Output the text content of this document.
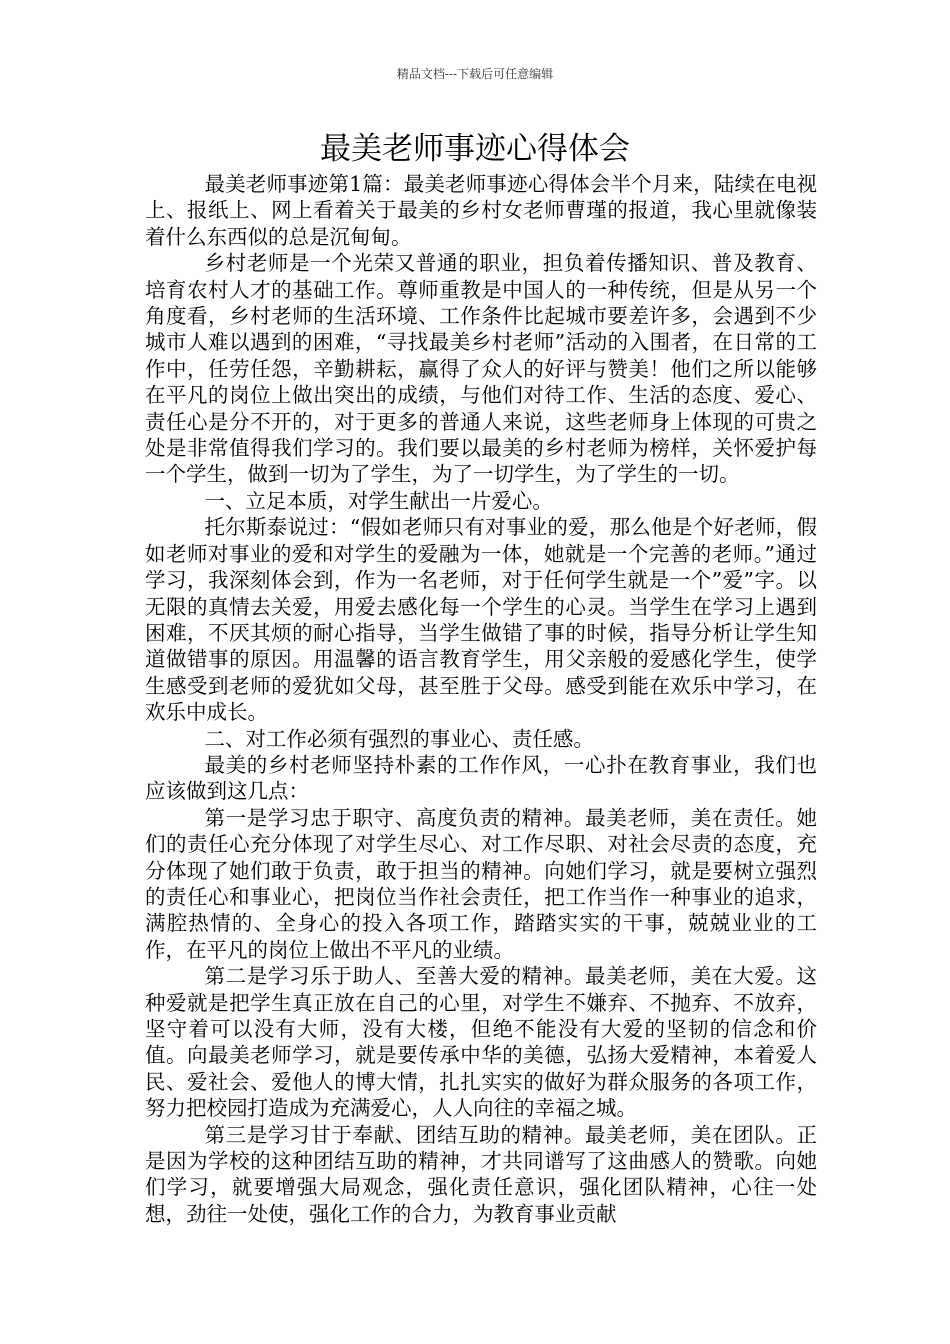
精品文档---下载后可任意编辑
最美老师事迹心得体会

最美老师事迹第1篇：最美老师事迹心得体会半个月来，陆续在电视上、报纸上、网上看着关于最美的乡村女老师曹瑾的报道，我心里就像装着什么东西似的总是沉甸甸。

乡村老师是一个光荣又普通的职业，担负着传播知识、普及教育、培育农村人才的基础工作。尊师重教是中国人的一种传统，但是从另一个角度看，乡村老师的生活环境、工作条件比起城市要差许多，会遇到不少城市人难以遇到的困难，“寻找最美乡村老师”活动的入围者，在日常的工作中，任劳任怨，辛勤耕耘，赢得了众人的好评与赞美！他们之所以能够在平凡的岗位上做出突出的成绩，与他们对待工作、生活的态度、爱心、责任心是分不开的，对于更多的普通人来说，这些老师身上体现的可贵之处是非常值得我们学习的。我们要以最美的乡村老师为榜样，关怀爱护每一个学生，做到一切为了学生，为了一切学生，为了学生的一切。

一、立足本质，对学生献出一片爱心。

托尔斯泰说过：“假如老师只有对事业的爱，那么他是个好老师，假如老师对事业的爱和对学生的爱融为一体，她就是一个完善的老师。”通过学习，我深刻体会到，作为一名老师，对于任何学生就是一个”爱”字。以无限的真情去关爱，用爱去感化每一个学生的心灵。当学生在学习上遇到困难，不厌其烦的耐心指导，当学生做错了事的时候，指导分析让学生知道做错事的原因。用温馨的语言教育学生，用父亲般的爱感化学生，使学生感受到老师的爱犹如父母，甚至胜于父母。感受到能在欢乐中学习，在欢乐中成长。

二、对工作必须有强烈的事业心、责任感。

最美的乡村老师坚持朴素的工作作风，一心扑在教育事业，我们也应该做到这几点：

第一是学习忠于职守、高度负责的精神。最美老师，美在责任。她们的责任心充分体现了对学生尽心、对工作尽职、对社会尽责的态度，充分体现了她们敢于负责，敢于担当的精神。向她们学习，就是要树立强烈的责任心和事业心，把岗位当作社会责任，把工作当作一种事业的追求，满腔热情的、全身心的投入各项工作，踏踏实实的干事，兢兢业业的工作，在平凡的岗位上做出不平凡的业绩。

第二是学习乐于助人、至善大爱的精神。最美老师，美在大爱。这种爱就是把学生真正放在自己的心里，对学生不嫌弃、不抛弃、不放弃，坚守着可以没有大师，没有大楼，但绝不能没有大爱的坚韧的信念和价值。向最美老师学习，就是要传承中华的美德，弘扬大爱精神，本着爱人民、爱社会、爱他人的博大情，扎扎实实的做好为群众服务的各项工作，努力把校园打造成为充满爱心，人人向往的幸福之城。

第三是学习甘于奉献、团结互助的精神。最美老师，美在团队。正是因为学校的这种团结互助的精神，才共同谱写了这曲感人的赞歌。向她们学习，就要增强大局观念，强化责任意识，强化团队精神，心往一处想，劲往一处使，强化工作的合力，为教育事业贡献
